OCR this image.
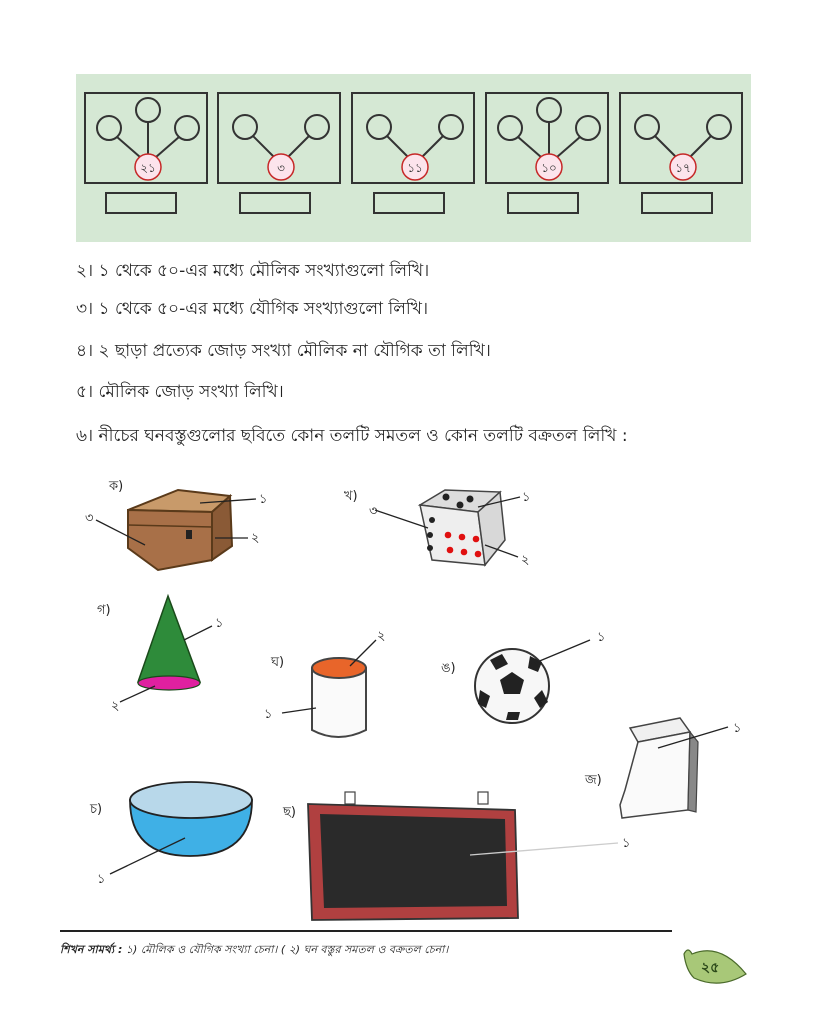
২১	৩	১১	১০	১৭
২। ১ থেকে ৫০-এর মধ্যে মৌলিক সংখ্যাগুলো লিখি।
৩। ১ থেকে ৫০-এর মধ্যে যৌগিক সংখ্যাগুলো লিখি।
৪। ২ ছাড়া প্রত্যেক জোড় সংখ্যা মৌলিক না যৌগিক তা লিখি।
৫। মৌলিক জোড় সংখ্যা লিখি।
৬। নীচের ঘনবস্তুগুলোর ছবিতে কোন তলটি সমতল ও কোন তলটি বক্রতল লিখি :
ক)
১
২
৩
খ)	১
২
৩
গ)
১
২
ঘ)
১
২
ঙ)
১
চ)
১
ছ)
১
জ)
১
শিখন সামর্থ্য : ১) মৌলিক ও যৌগিক সংখ্যা চেনা। ( ২) ঘন বস্তুর সমতল ও বক্রতল চেনা।
২৫
